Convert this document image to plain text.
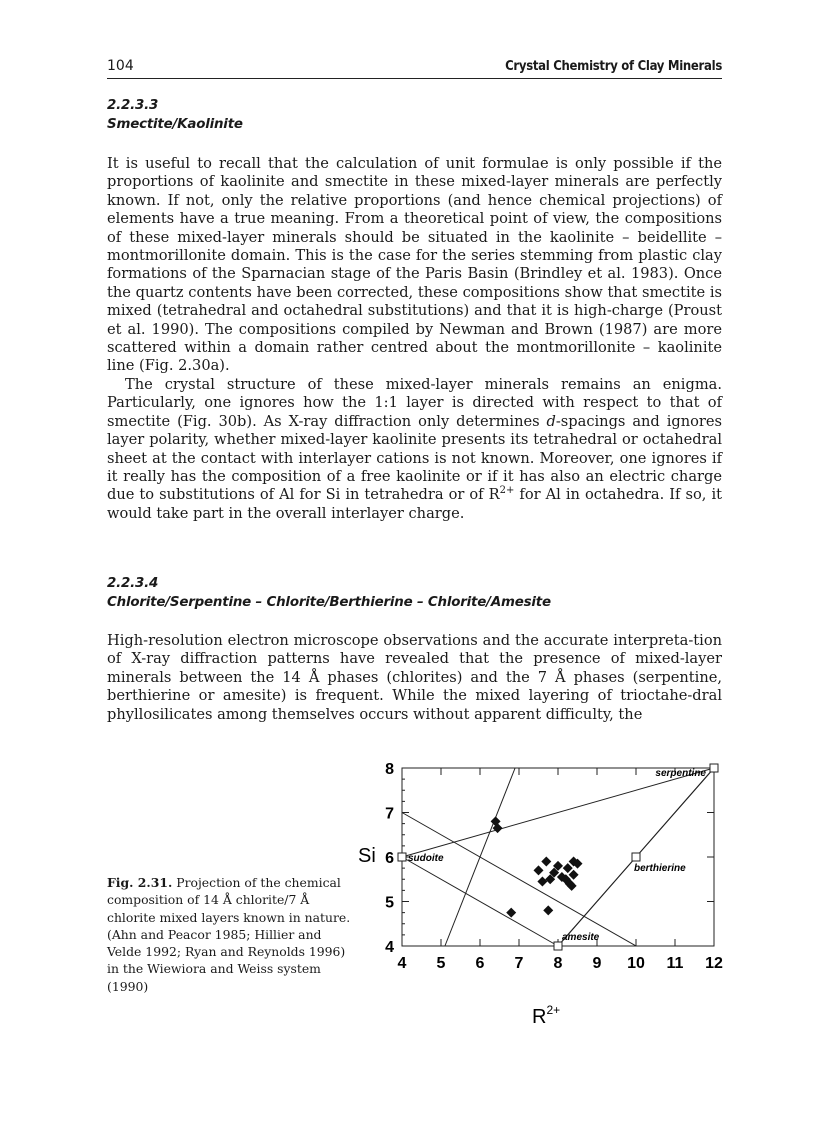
104	Crystal Chemistry of Clay Minerals
2.2.3.3
Smectite/Kaolinite

It is useful to recall that the calculation of unit formulae is only possible if the proportions of kaolinite and smectite in these mixed-layer minerals are perfectly known. If not, only the relative proportions (and hence chemical projections) of elements have a true meaning. From a theoretical point of view, the compositions of these mixed-layer minerals should be situated in the kaolinite – beidellite – montmorillonite domain. This is the case for the series stemming from plastic clay formations of the Sparnacian stage of the Paris Basin (Brindley et al. 1983). Once the quartz contents have been corrected, these compositions show that smectite is mixed (tetrahedral and octahedral substitutions) and that it is high-charge (Proust et al. 1990). The compositions compiled by Newman and Brown (1987) are more scattered within a domain rather centred about the montmorillonite – kaolinite line (Fig. 2.30a).

The crystal structure of these mixed-layer minerals remains an enigma. Particularly, one ignores how the 1:1 layer is directed with respect to that of smectite (Fig. 30b). As X-ray diffraction only determines d-spacings and ignores layer polarity, whether mixed-layer kaolinite presents its tetrahedral or octahedral sheet at the contact with interlayer cations is not known. Moreover, one ignores if it really has the composition of a free kaolinite or if it has also an electric charge due to substitutions of Al for Si in tetrahedra or of $R^{2+}$ for Al in octahedra. If so, it would take part in the overall interlayer charge.

2.2.3.4
Chlorite/Serpentine – Chlorite/Berthierine – Chlorite/Amesite

High-resolution electron microscope observations and the accurate interpreta-tion of X-ray diffraction patterns have revealed that the presence of mixed-layer minerals between the 14 Å phases (chlorites) and the 7 Å phases (serpentine, berthierine or amesite) is frequent. While the mixed layering of trioctahe-dral phyllosilicates among themselves occurs without apparent difficulty, the

Fig. 2.31. Projection of the chemical composition of 14 Å chlorite/7 Å chlorite mixed layers known in nature. (Ahn and Peacor 1985; Hillier and Velde 1992; Ryan and Reynolds 1996) in the Wiewiora and Weiss system (1990)
4 5 6 7 8 9 10 11 12
4
5
6
7
8	serpentine
sudoite
berthierine
amesite
Si
$R^{2+}$
